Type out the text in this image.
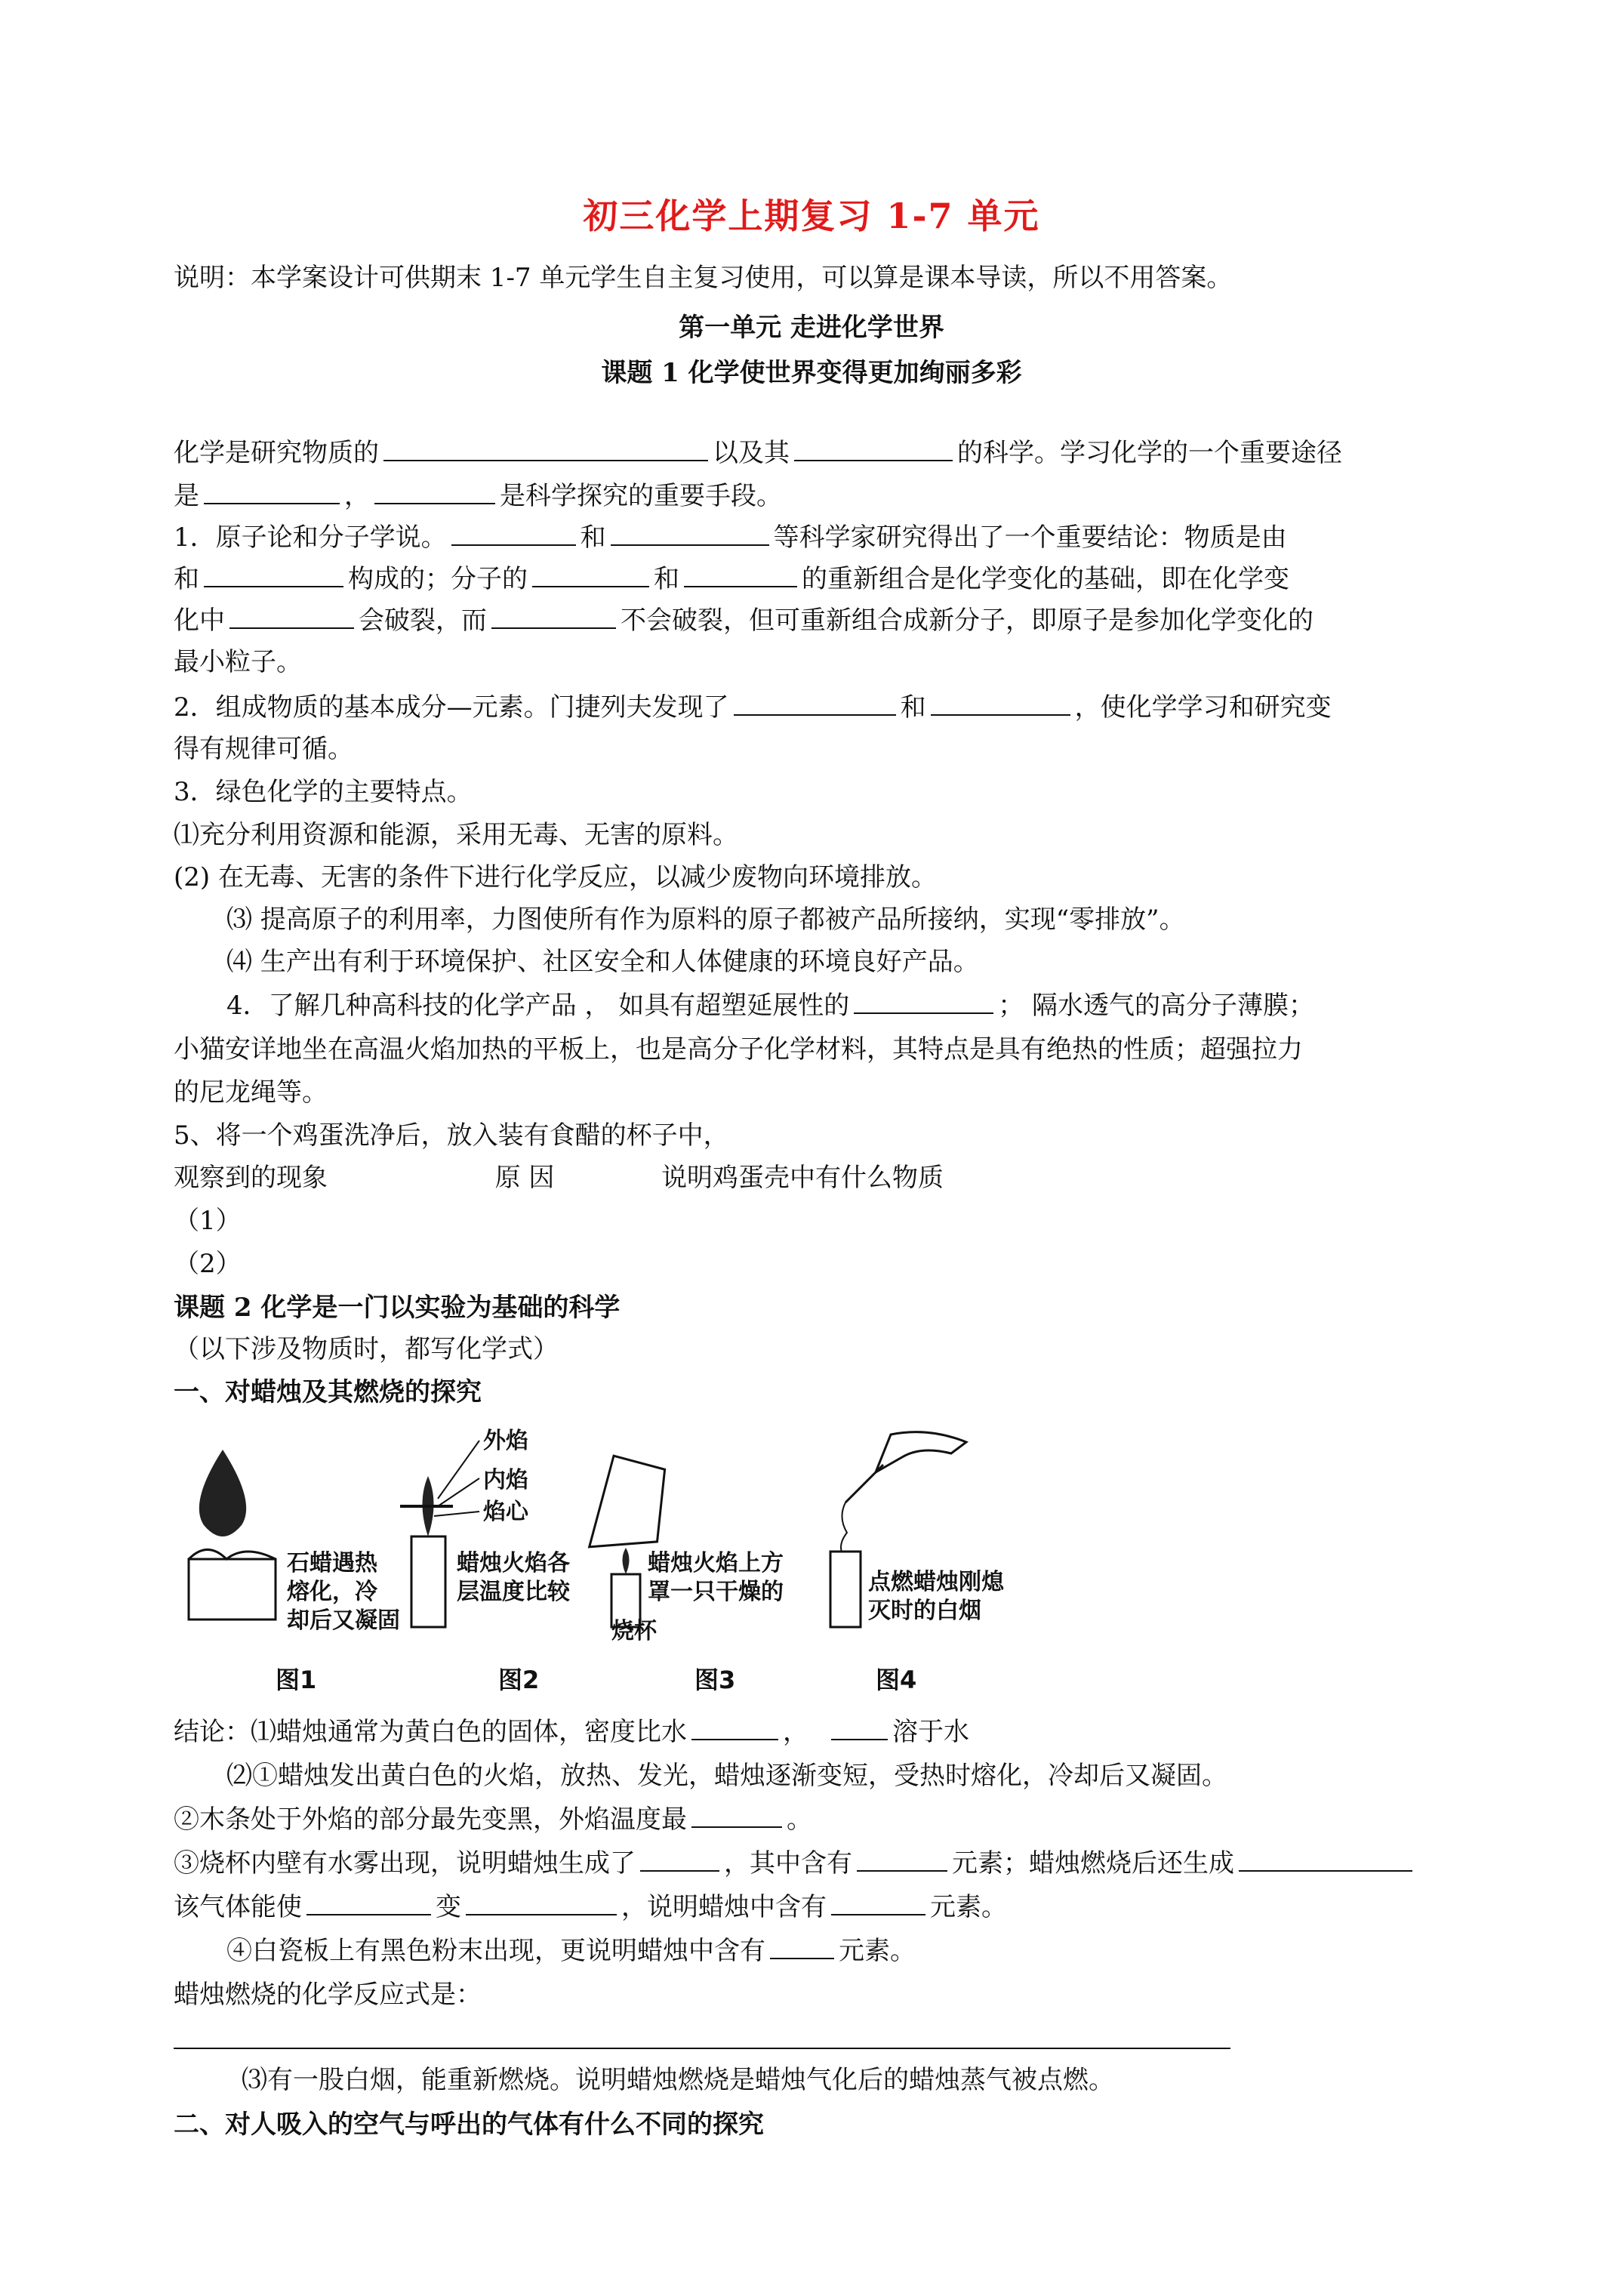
初三化学上期复习 1-7 单元
说明：本学案设计可供期末 1-7 单元学生自主复习使用，可以算是课本导读，所以不用答案。
第一单元 走进化学世界
课题 1 化学使世界变得更加绚丽多彩
化学是研究物质的	以及其	的科学。学习化学的一个重要途径
是	，	是科学探究的重要手段。
1．原子论和分子学说。	和	等科学家研究得出了一个重要结论：物质是由
和	构成的；分子的	和	的重新组合是化学变化的基础，即在化学变
化中	会破裂，而	不会破裂，但可重新组合成新分子，即原子是参加化学变化的
最小粒子。
2．组成物质的基本成分—元素。门捷列夫发现了	和	，使化学学习和研究变
得有规律可循。
3．绿色化学的主要特点。
⑴充分利用资源和能源，采用无毒、无害的原料。
(2) 在无毒、无害的条件下进行化学反应，以减少废物向环境排放。
⑶ 提高原子的利用率，力图使所有作为原料的原子都被产品所接纳，实现“零排放”。
⑷ 生产出有利于环境保护、社区安全和人体健康的环境良好产品。
4．了解几种高科技的化学产品 ， 如具有超塑延展性的	； 隔水透气的高分子薄膜；
小猫安详地坐在高温火焰加热的平板上，也是高分子化学材料，其特点是具有绝热的性质；超强拉力
的尼龙绳等。
5、将一个鸡蛋洗净后，放入装有食醋的杯子中，
观察到的现象	原 因	说明鸡蛋壳中有什么物质
（1）
（2）
课题 2 化学是一门以实验为基础的科学
（以下涉及物质时，都写化学式）
一、对蜡烛及其燃烧的探究
石蜡遇热
熔化，冷
却后又凝固
外焰
内焰
焰心
蜡烛火焰各
层温度比较
蜡烛火焰上方
罩一只干燥的
烧杯
点燃蜡烛刚熄
灭时的白烟
图1	图2	图3	图4
结论：⑴蜡烛通常为黄白色的固体，密度比水	，	溶于水
⑵①蜡烛发出黄白色的火焰，放热、发光，蜡烛逐渐变短，受热时熔化，冷却后又凝固。
②木条处于外焰的部分最先变黑，外焰温度最	。
③烧杯内壁有水雾出现，说明蜡烛生成了	，其中含有	元素；蜡烛燃烧后还生成
该气体能使	变	，说明蜡烛中含有	元素。
④白瓷板上有黑色粉末出现，更说明蜡烛中含有	元素。
蜡烛燃烧的化学反应式是：
⑶有一股白烟，能重新燃烧。说明蜡烛燃烧是蜡烛气化后的蜡烛蒸气被点燃。
二、对人吸入的空气与呼出的气体有什么不同的探究
